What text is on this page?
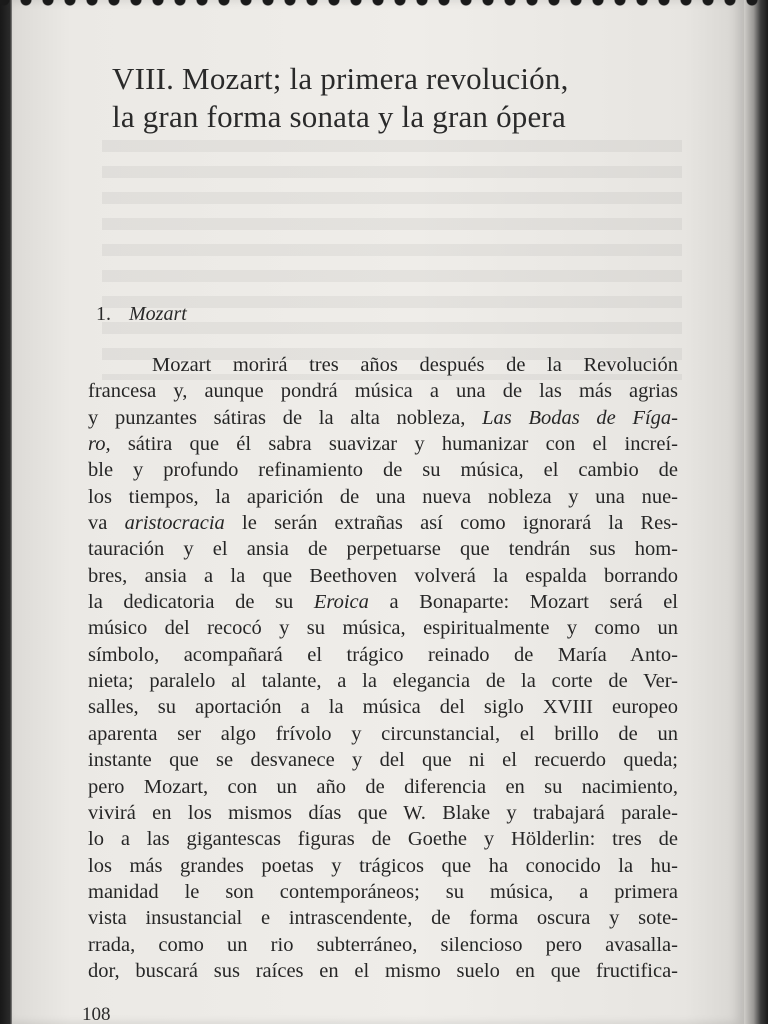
VIII. Mozart; la primera revolución,
la gran forma sonata y la gran ópera
1. Mozart
Mozart morirá tres años después de la Revolución
francesa y, aunque pondrá música a una de las más agrias
y punzantes sátiras de la alta nobleza, Las Bodas de Fíga-
ro, sátira que él sabra suavizar y humanizar con el increí-
ble y profundo refinamiento de su música, el cambio de
los tiempos, la aparición de una nueva nobleza y una nue-
va aristocracia le serán extrañas así como ignorará la Res-
tauración y el ansia de perpetuarse que tendrán sus hom-
bres, ansia a la que Beethoven volverá la espalda borrando
la dedicatoria de su Eroica a Bonaparte: Mozart será el
músico del recocó y su música, espiritualmente y como un
símbolo, acompañará el trágico reinado de María Anto-
nieta; paralelo al talante, a la elegancia de la corte de Ver-
salles, su aportación a la música del siglo XVIII europeo
aparenta ser algo frívolo y circunstancial, el brillo de un
instante que se desvanece y del que ni el recuerdo queda;
pero Mozart, con un año de diferencia en su nacimiento,
vivirá en los mismos días que W. Blake y trabajará parale-
lo a las gigantescas figuras de Goethe y Hölderlin: tres de
los más grandes poetas y trágicos que ha conocido la hu-
manidad le son contemporáneos; su música, a primera
vista insustancial e intrascendente, de forma oscura y sote-
rrada, como un rio subterráneo, silencioso pero avasalla-
dor, buscará sus raíces en el mismo suelo en que fructifica-
108
